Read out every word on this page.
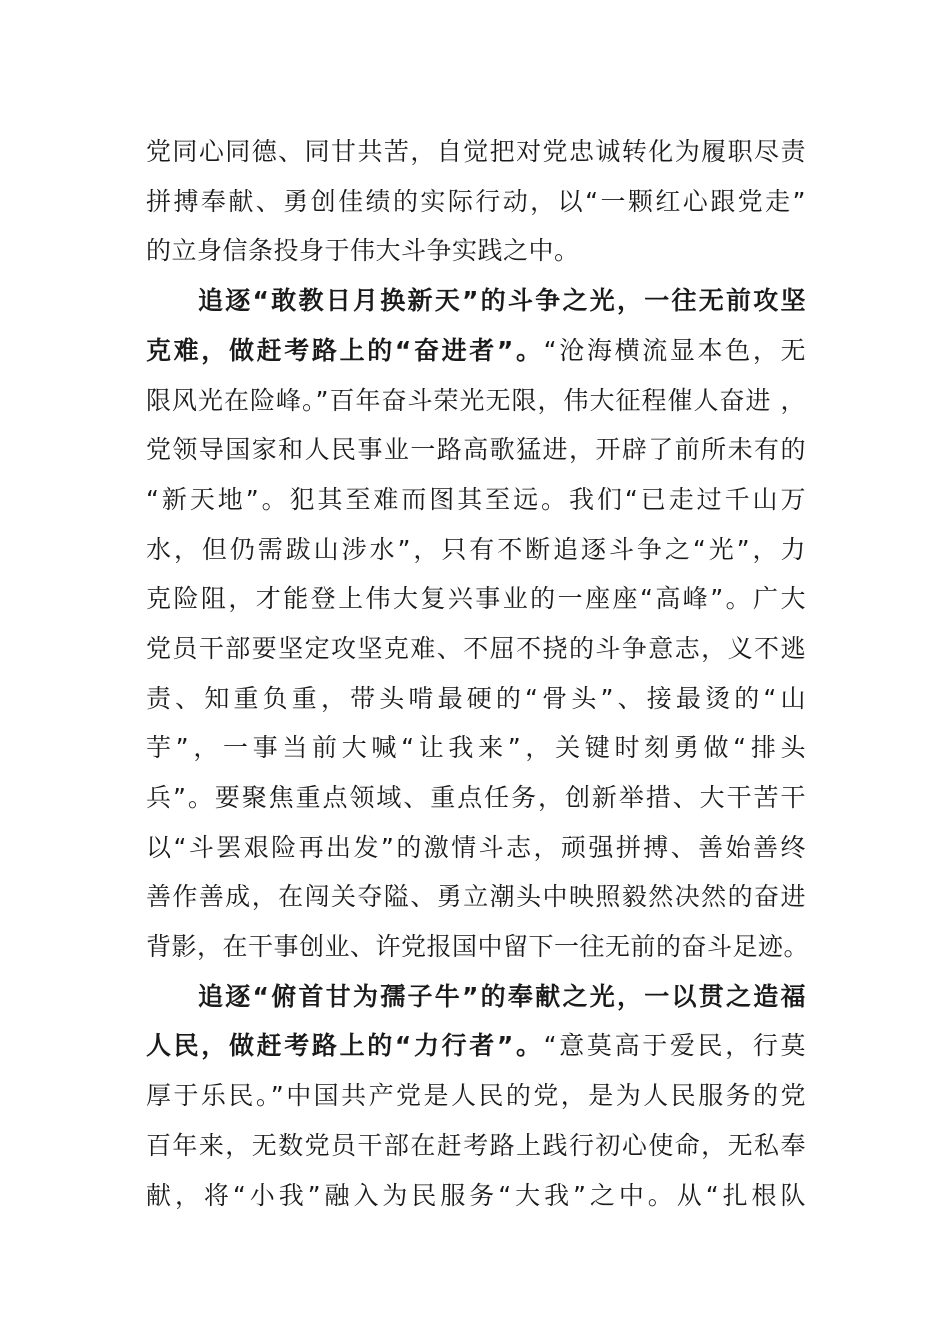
党同心同德、同甘共苦，自觉把对党忠诚转化为履职尽责
拼搏奉献、勇创佳绩的实际行动，以“一颗红心跟党走”
的立身信条投身于伟大斗争实践之中。
追逐“敢教日月换新天”的斗争之光，一往无前攻坚
克难，做赶考路上的“奋进者”。“沧海横流显本色，无
限风光在险峰。”百年奋斗荣光无限，伟大征程催人奋进 ，
党领导国家和人民事业一路高歌猛进，开辟了前所未有的
“新天地”。犯其至难而图其至远。我们“已走过千山万
水，但仍需跋山涉水”，只有不断追逐斗争之“光”，力
克险阻，才能登上伟大复兴事业的一座座“高峰”。广大
党员干部要坚定攻坚克难、不屈不挠的斗争意志，义不逃
责、知重负重，带头啃最硬的“骨头”、接最烫的“山
芋”，一事当前大喊“让我来”，关键时刻勇做“排头
兵”。要聚焦重点领域、重点任务，创新举措、大干苦干
以“斗罢艰险再出发”的激情斗志，顽强拼搏、善始善终
善作善成，在闯关夺隘、勇立潮头中映照毅然决然的奋进
背影，在干事创业、许党报国中留下一往无前的奋斗足迹。
追逐“俯首甘为孺子牛”的奉献之光，一以贯之造福
人民，做赶考路上的“力行者”。“意莫高于爱民，行莫
厚于乐民。”中国共产党是人民的党，是为人民服务的党
百年来，无数党员干部在赶考路上践行初心使命，无私奉
献，将“小我”融入为民服务“大我”之中。从“扎根队
